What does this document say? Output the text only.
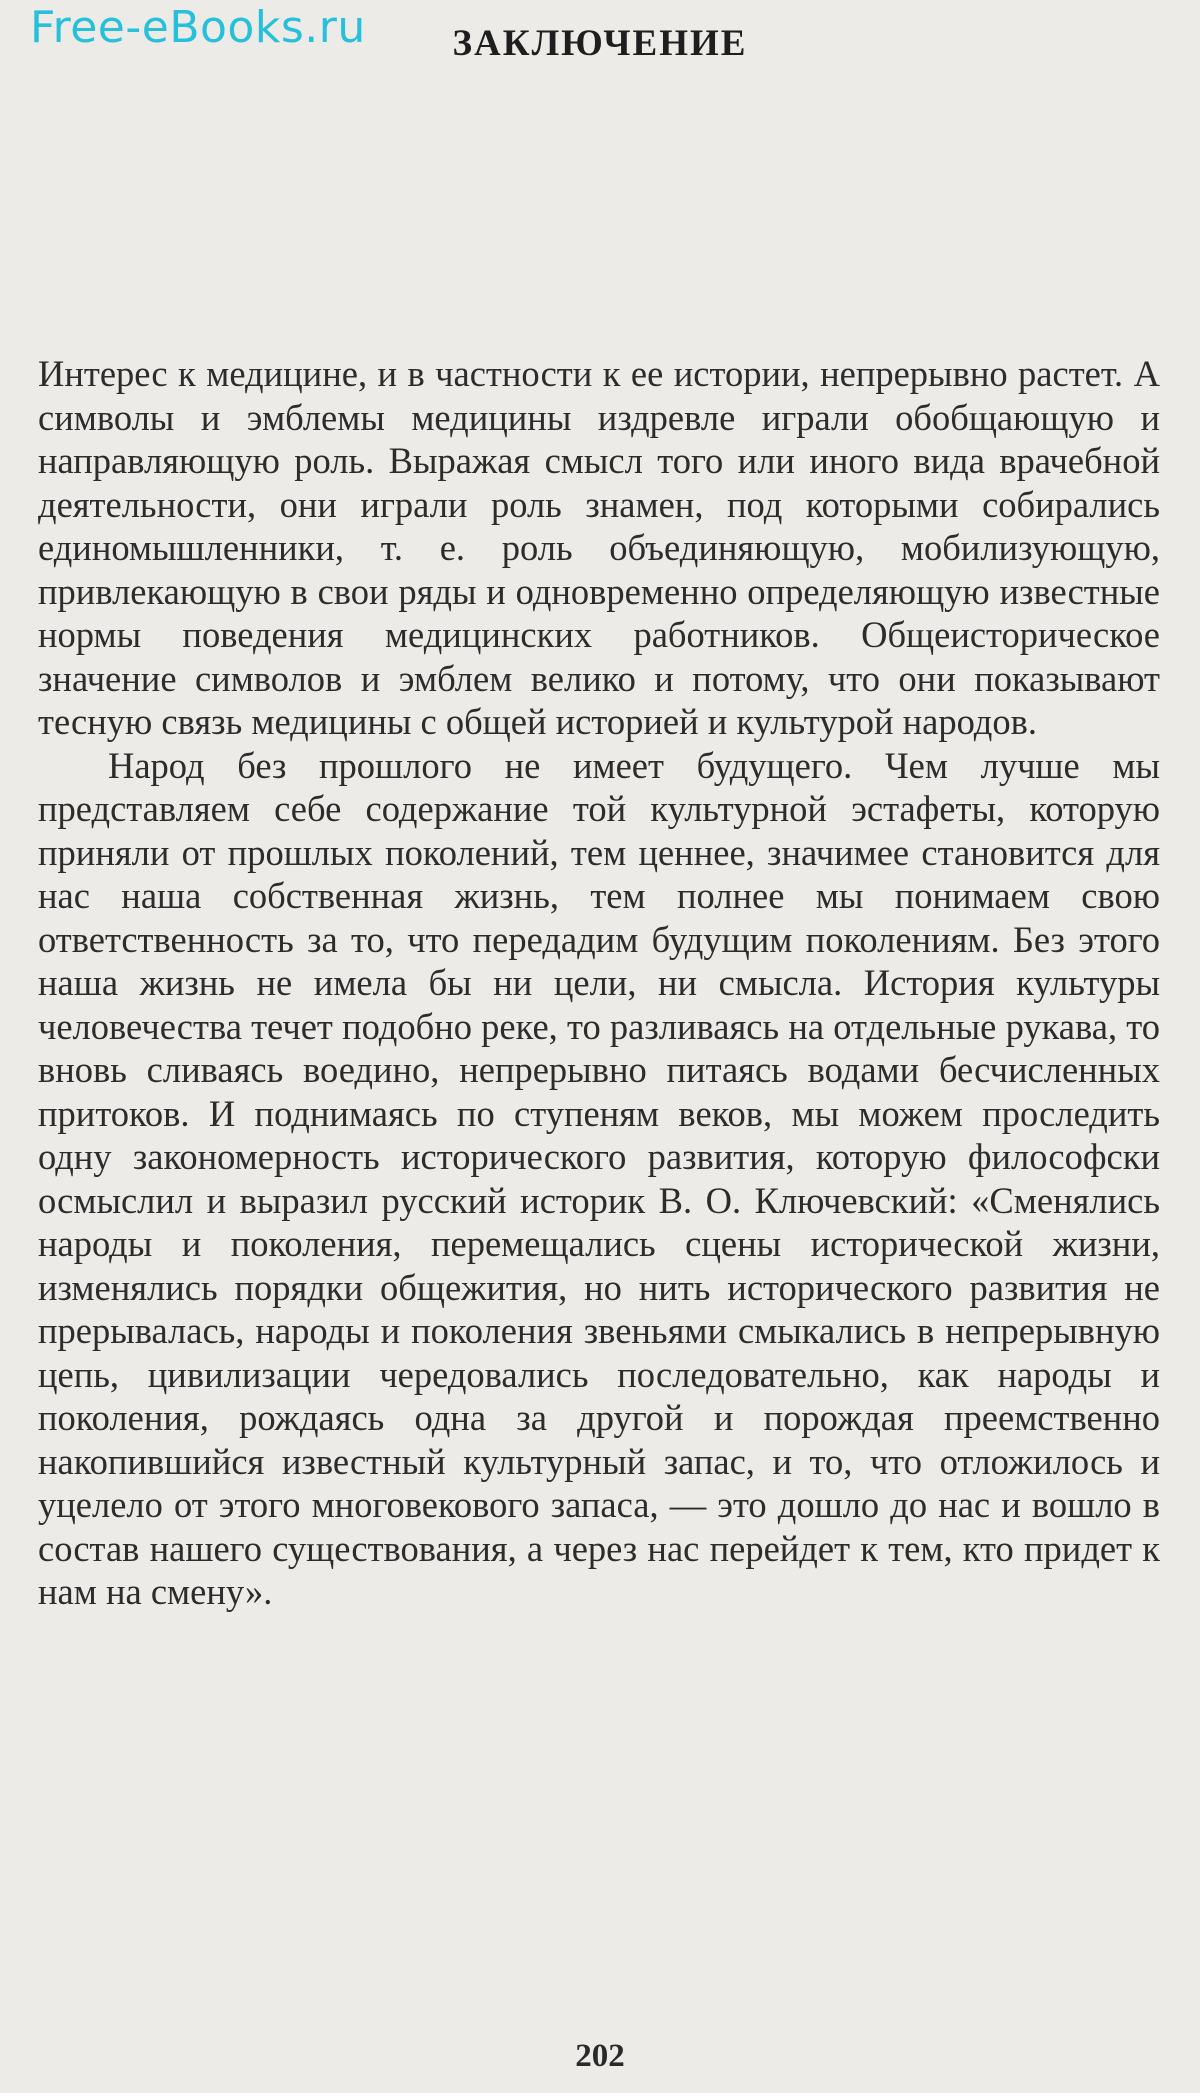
Free-eBooks.ru	ЗАКЛЮЧЕНИЕ

Интерес к медицине, и в частности к ее истории, непрерывно растет. А символы и эмблемы медицины издревле играли обобщающую и направляющую роль. Выражая смысл того или иного вида врачебной деятельности, они играли роль знамен, под которыми собирались единомышленники, т. е. роль объединяющую, мобилизующую, привлекающую в свои ряды и одновременно определяющую известные нормы поведения медицинских работников. Общеисторическое значение символов и эмблем велико и потому, что они показывают тесную связь медицины с общей историей и культурой народов.

Народ без прошлого не имеет будущего. Чем лучше мы представляем себе содержание той культурной эстафеты, которую приняли от прошлых поколений, тем ценнее, значимее становится для нас наша собственная жизнь, тем полнее мы понимаем свою ответственность за то, что передадим будущим поколениям. Без этого наша жизнь не имела бы ни цели, ни смысла. История культуры человечества течет подобно реке, то разливаясь на отдельные рукава, то вновь сливаясь воедино, непрерывно питаясь водами бесчисленных притоков. И поднимаясь по ступеням веков, мы можем проследить одну закономерность исторического развития, которую философски осмыслил и выразил русский историк В. О. Ключевский: «Сменялись народы и поколения, перемещались сцены исторической жизни, изменялись порядки общежития, но нить исторического развития не прерывалась, народы и поколения звеньями смыкались в непрерывную цепь, цивилизации чередовались последовательно, как народы и поколения, рождаясь одна за другой и порождая преемственно накопившийся известный культурный запас, и то, что отложилось и уцелело от этого многовекового запаса, — это дошло до нас и вошло в состав нашего существования, а через нас перейдет к тем, кто придет к нам на смену».

202
